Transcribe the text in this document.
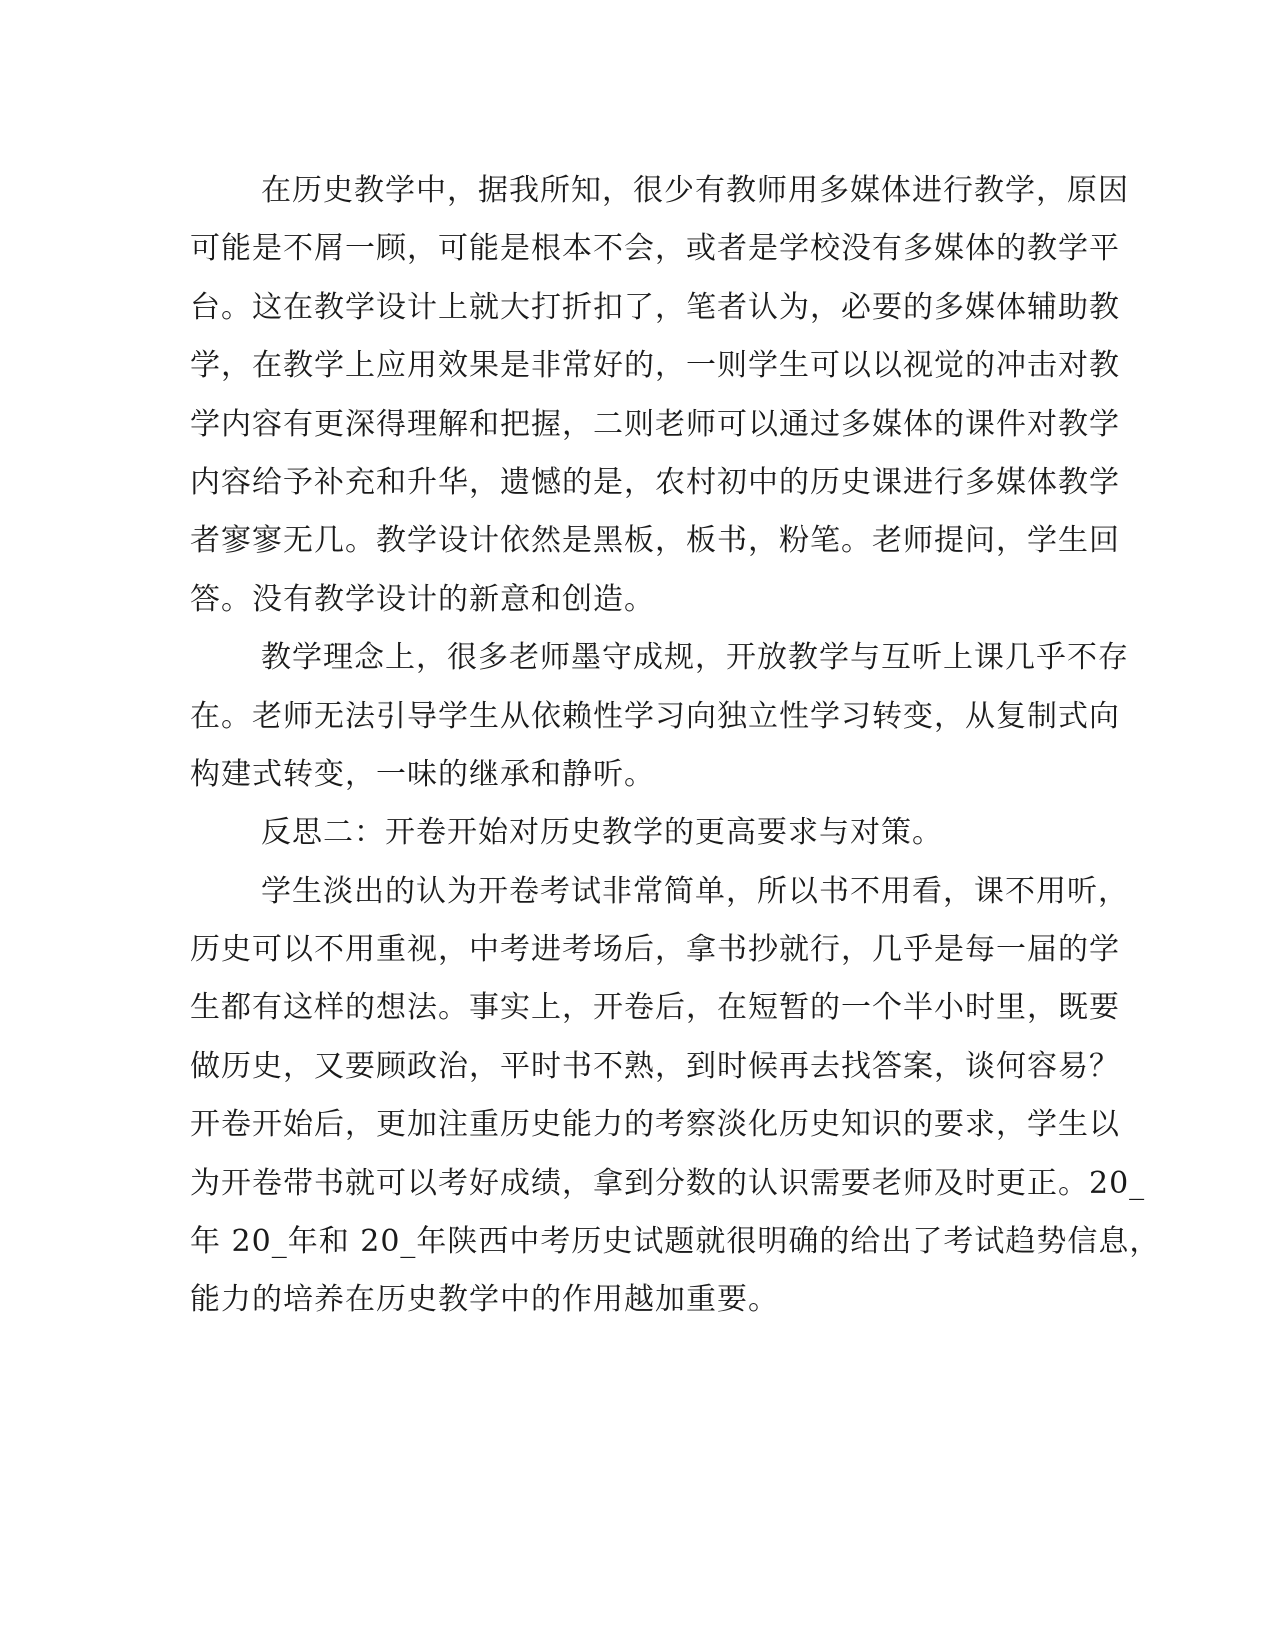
在历史教学中，据我所知，很少有教师用多媒体进行教学，原因
可能是不屑一顾，可能是根本不会，或者是学校没有多媒体的教学平
台。这在教学设计上就大打折扣了，笔者认为，必要的多媒体辅助教
学，在教学上应用效果是非常好的，一则学生可以以视觉的冲击对教
学内容有更深得理解和把握，二则老师可以通过多媒体的课件对教学
内容给予补充和升华，遗憾的是，农村初中的历史课进行多媒体教学
者寥寥无几。教学设计依然是黑板，板书，粉笔。老师提问，学生回
答。没有教学设计的新意和创造。
教学理念上，很多老师墨守成规，开放教学与互听上课几乎不存
在。老师无法引导学生从依赖性学习向独立性学习转变，从复制式向
构建式转变，一味的继承和静听。
反思二：开卷开始对历史教学的更高要求与对策。
学生淡出的认为开卷考试非常简单，所以书不用看，课不用听，
历史可以不用重视，中考进考场后，拿书抄就行，几乎是每一届的学
生都有这样的想法。事实上，开卷后，在短暂的一个半小时里，既要
做历史，又要顾政治，平时书不熟，到时候再去找答案，谈何容易？
开卷开始后，更加注重历史能力的考察淡化历史知识的要求，学生以
为开卷带书就可以考好成绩，拿到分数的认识需要老师及时更正。20_
年 20_年和 20_年陕西中考历史试题就很明确的给出了考试趋势信息，
能力的培养在历史教学中的作用越加重要。
